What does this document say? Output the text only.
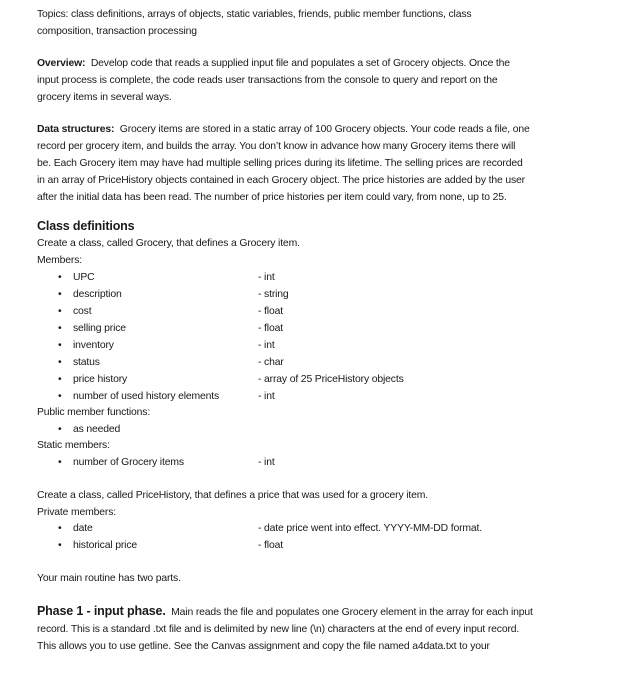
Topics: class definitions, arrays of objects, static variables, friends, public member functions, class
composition, transaction processing
Overview: Develop code that reads a supplied input file and populates a set of Grocery objects. Once the
input process is complete, the code reads user transactions from the console to query and report on the
grocery items in several ways.
Data structures: Grocery items are stored in a static array of 100 Grocery objects. Your code reads a file, one
record per grocery item, and builds the array. You don’t know in advance how many Grocery items there will
be. Each Grocery item may have had multiple selling prices during its lifetime. The selling prices are recorded
in an array of PriceHistory objects contained in each Grocery object. The price histories are added by the user
after the initial data has been read. The number of price histories per item could vary, from none, up to 25.
Class definitions
Create a class, called Grocery, that defines a Grocery item.
Members:
• UPC	- int
• description	- string
• cost	- float
• selling price	- float
• inventory	- int
• status	- char
• price history	- array of 25 PriceHistory objects
• number of used history elements	- int
Public member functions:
• as needed
Static members:
• number of Grocery items	- int
Create a class, called PriceHistory, that defines a price that was used for a grocery item.
Private members:
• date	- date price went into effect. YYYY-MM-DD format.
• historical price	- float
Your main routine has two parts.
Phase 1 - input phase. Main reads the file and populates one Grocery element in the array for each input
record. This is a standard .txt file and is delimited by new line (\n) characters at the end of every input record.
This allows you to use getline. See the Canvas assignment and copy the file named a4data.txt to your
